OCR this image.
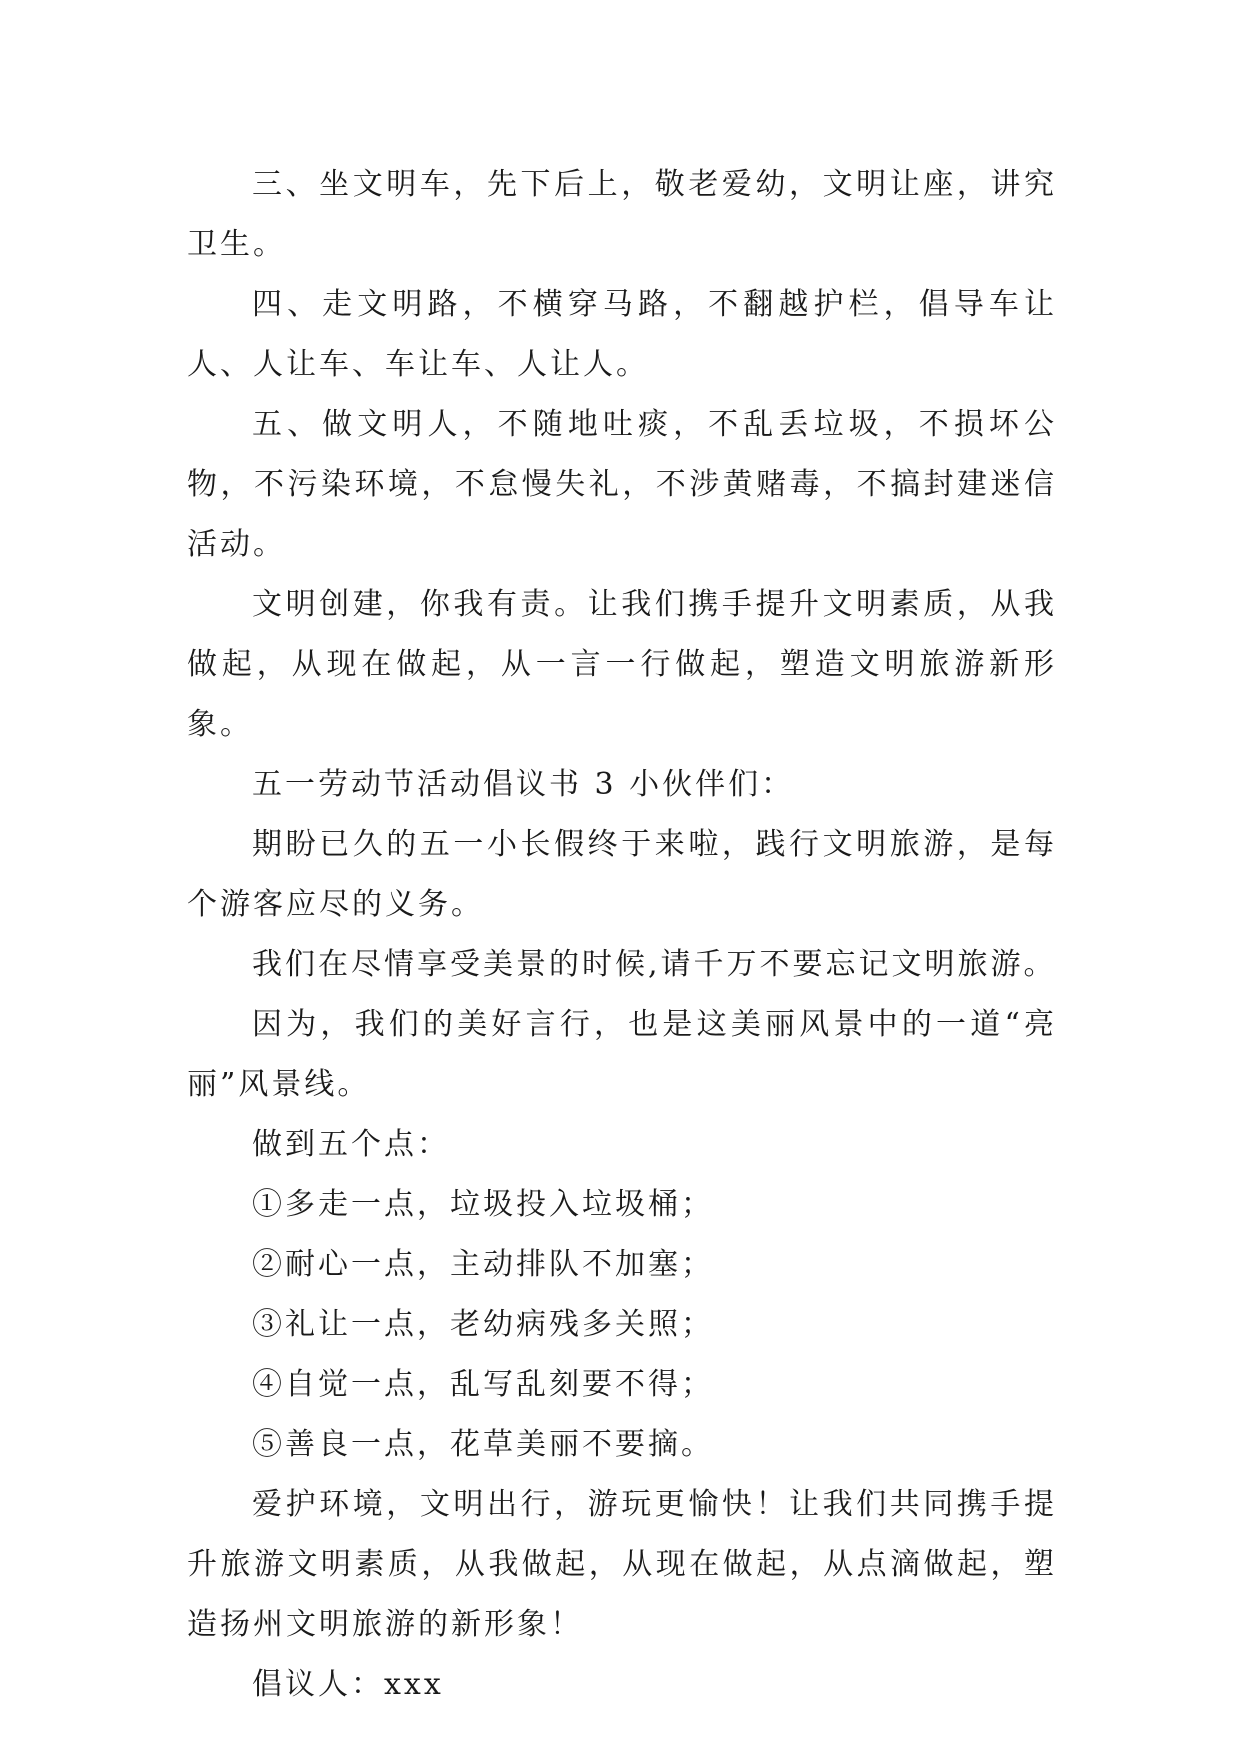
三、坐文明车，先下后上，敬老爱幼，文明让座，讲究卫生。

四、走文明路，不横穿马路，不翻越护栏，倡导车让人、人让车、车让车、人让人。

五、做文明人，不随地吐痰，不乱丢垃圾，不损坏公物，不污染环境，不怠慢失礼，不涉黄赌毒，不搞封建迷信活动。

文明创建，你我有责。让我们携手提升文明素质，从我做起，从现在做起，从一言一行做起，塑造文明旅游新形象。

五一劳动节活动倡议书 3 小伙伴们：

期盼已久的五一小长假终于来啦，践行文明旅游，是每个游客应尽的义务。

我们在尽情享受美景的时候,请千万不要忘记文明旅游。

因为，我们的美好言行，也是这美丽风景中的一道“亮丽”风景线。

做到五个点：

①多走一点，垃圾投入垃圾桶；

②耐心一点，主动排队不加塞；

③礼让一点，老幼病残多关照；

④自觉一点，乱写乱刻要不得；

⑤善良一点，花草美丽不要摘。

爱护环境，文明出行，游玩更愉快！让我们共同携手提升旅游文明素质，从我做起，从现在做起，从点滴做起，塑造扬州文明旅游的新形象！

倡议人：xxx
